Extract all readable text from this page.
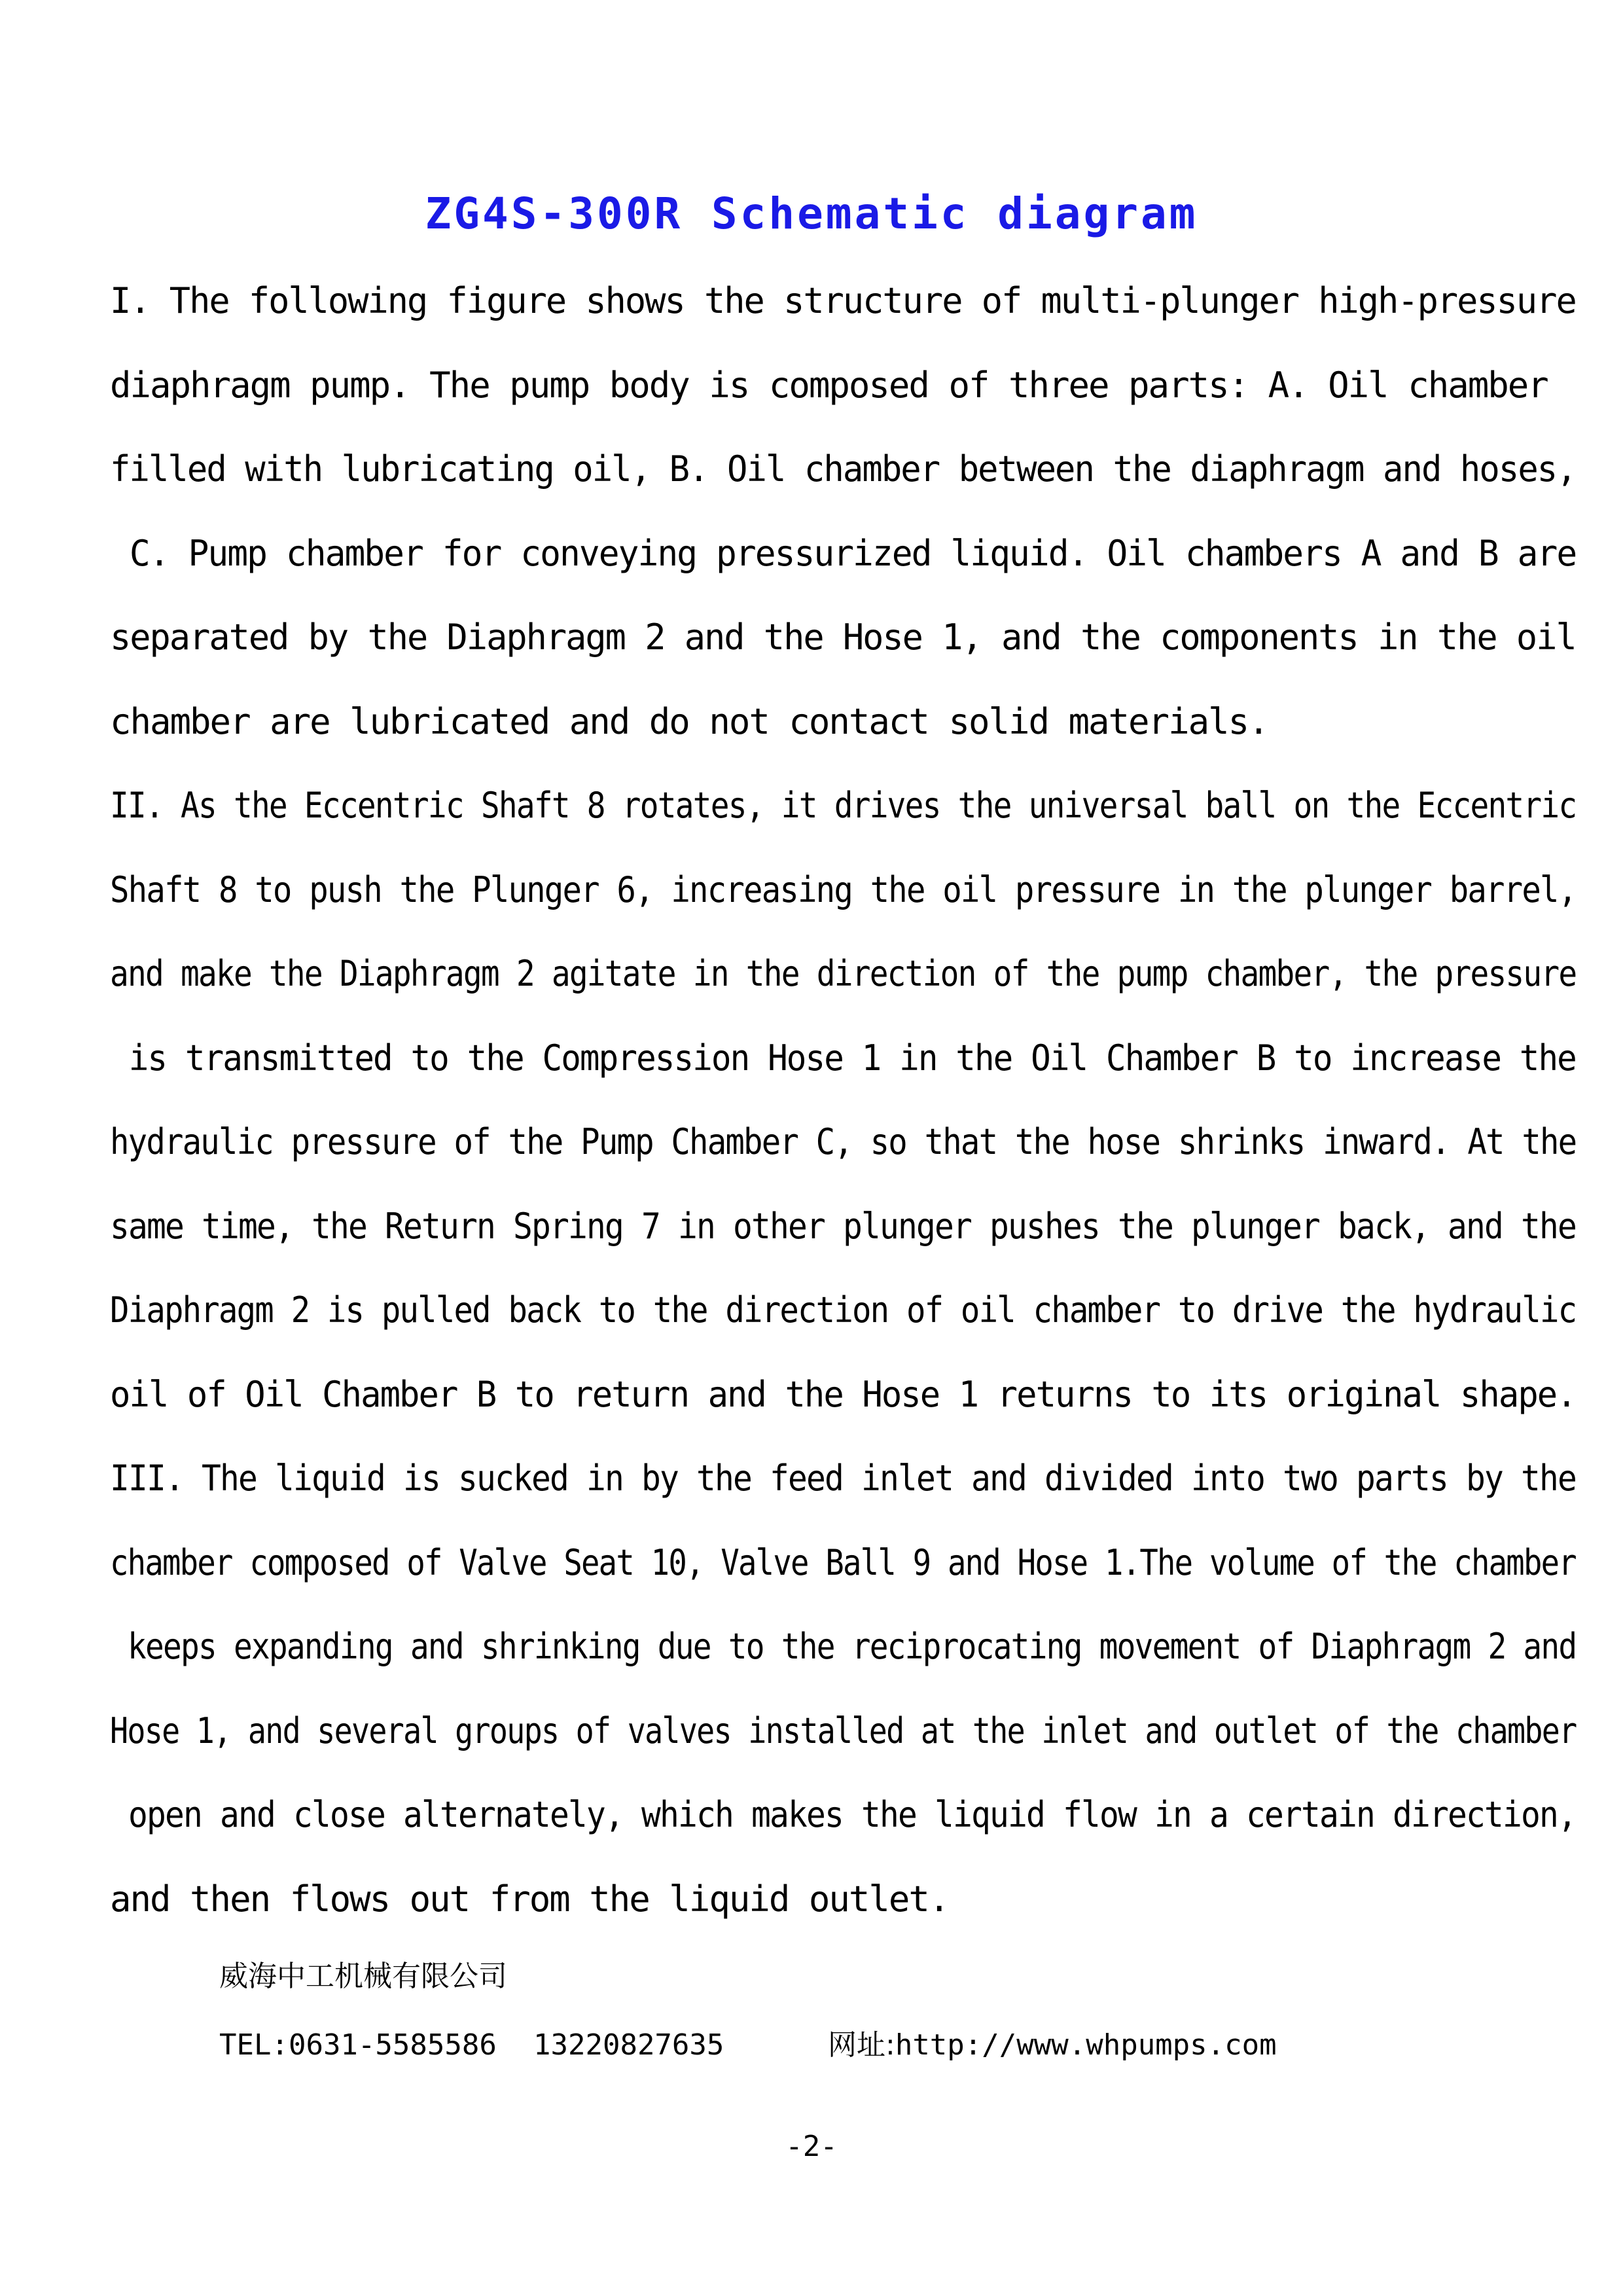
ZG4S-300R Schematic diagram
I. The following figure shows the structure of multi-plunger high-pressure
diaphragm pump. The pump body is composed of three parts: A. Oil chamber
filled with lubricating oil, B. Oil chamber between the diaphragm and hoses,
C. Pump chamber for conveying pressurized liquid. Oil chambers A and B are
separated by the Diaphragm 2 and the Hose 1, and the components in the oil
chamber are lubricated and do not contact solid materials.
II. As the Eccentric Shaft 8 rotates, it drives the universal ball on the Eccentric
Shaft 8 to push the Plunger 6, increasing the oil pressure in the plunger barrel,
and make the Diaphragm 2 agitate in the direction of the pump chamber, the pressure
is transmitted to the Compression Hose 1 in the Oil Chamber B to increase the
hydraulic pressure of the Pump Chamber C, so that the hose shrinks inward. At the
same time, the Return Spring 7 in other plunger pushes the plunger back, and the
Diaphragm 2 is pulled back to the direction of oil chamber to drive the hydraulic
oil of Oil Chamber B to return and the Hose 1 returns to its original shape.
III. The liquid is sucked in by the feed inlet and divided into two parts by the
chamber composed of Valve Seat 10, Valve Ball 9 and Hose 1.The volume of the chamber
keeps expanding and shrinking due to the reciprocating movement of Diaphragm 2 and
Hose 1, and several groups of valves installed at the inlet and outlet of the chamber
open and close alternately, which makes the liquid flow in a certain direction,
and then flows out from the liquid outlet.
威海中工机械有限公司
TEL:0631-5585586 13220827635	网址:http://www.whpumps.com
-2-
